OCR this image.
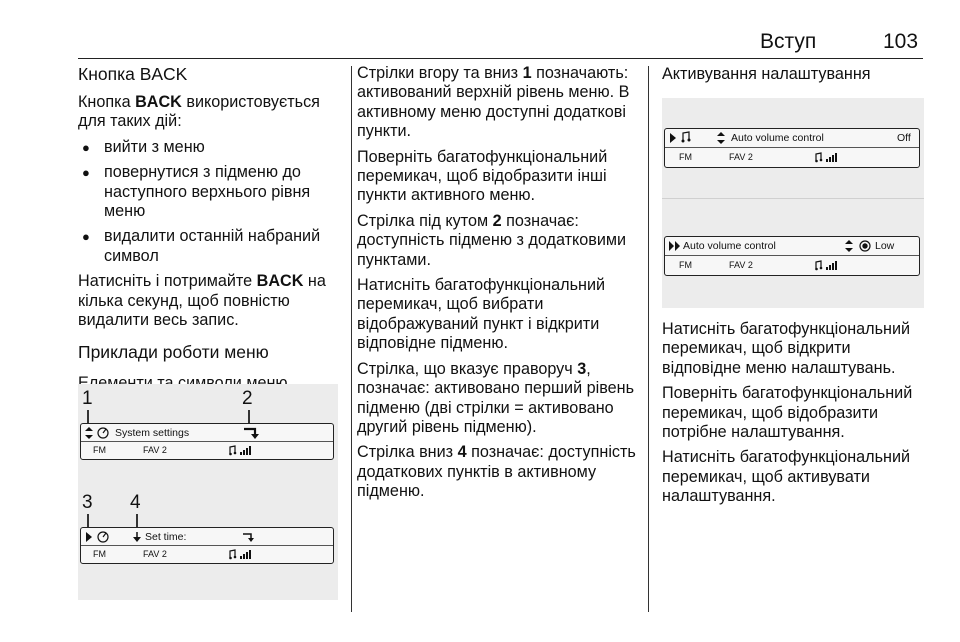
Вступ	103
Кнопка BACK

Кнопка BACK використовується для таких дій:

● вийти з меню
● повернутися з підменю до наступного верхнього рівня меню
● видалити останній набраний символ

Натисніть і потримайте BACK на кілька секунд, щоб повністю видалити весь запис.

Приклади роботи меню
1	2
System settings
FM	FAV 2
3 4
Set time:
FM	FAV 2

Стрілки вгору та вниз 1 позначають: активований верхній рівень меню. В активному меню доступні додаткові пункти.

Поверніть багатофункціональний перемикач, щоб відобразити інші пункти активного меню.

Стрілка під кутом 2 позначає: доступність підменю з додатковими пунктами.

Натисніть багатофункціональний перемикач, щоб вибрати відображуваний пункт і відкрити відповідне підменю.

Стрілка, що вказує праворуч 3, позначає: активовано перший рівень підменю (дві стрілки = активовано другий рівень підменю).

Стрілка вниз 4 позначає: доступність додаткових пунктів в активному підменю.

Активування налаштування
Auto volume control	Off
FM	FAV 2
Auto volume control	Low
FM	FAV 2

Натисніть багатофункціональний перемикач, щоб відкрити відповідне меню налаштувань.

Поверніть багатофункціональний перемикач, щоб відобразити потрібне налаштування.

Натисніть багатофункціональний перемикач, щоб активувати налаштування.
